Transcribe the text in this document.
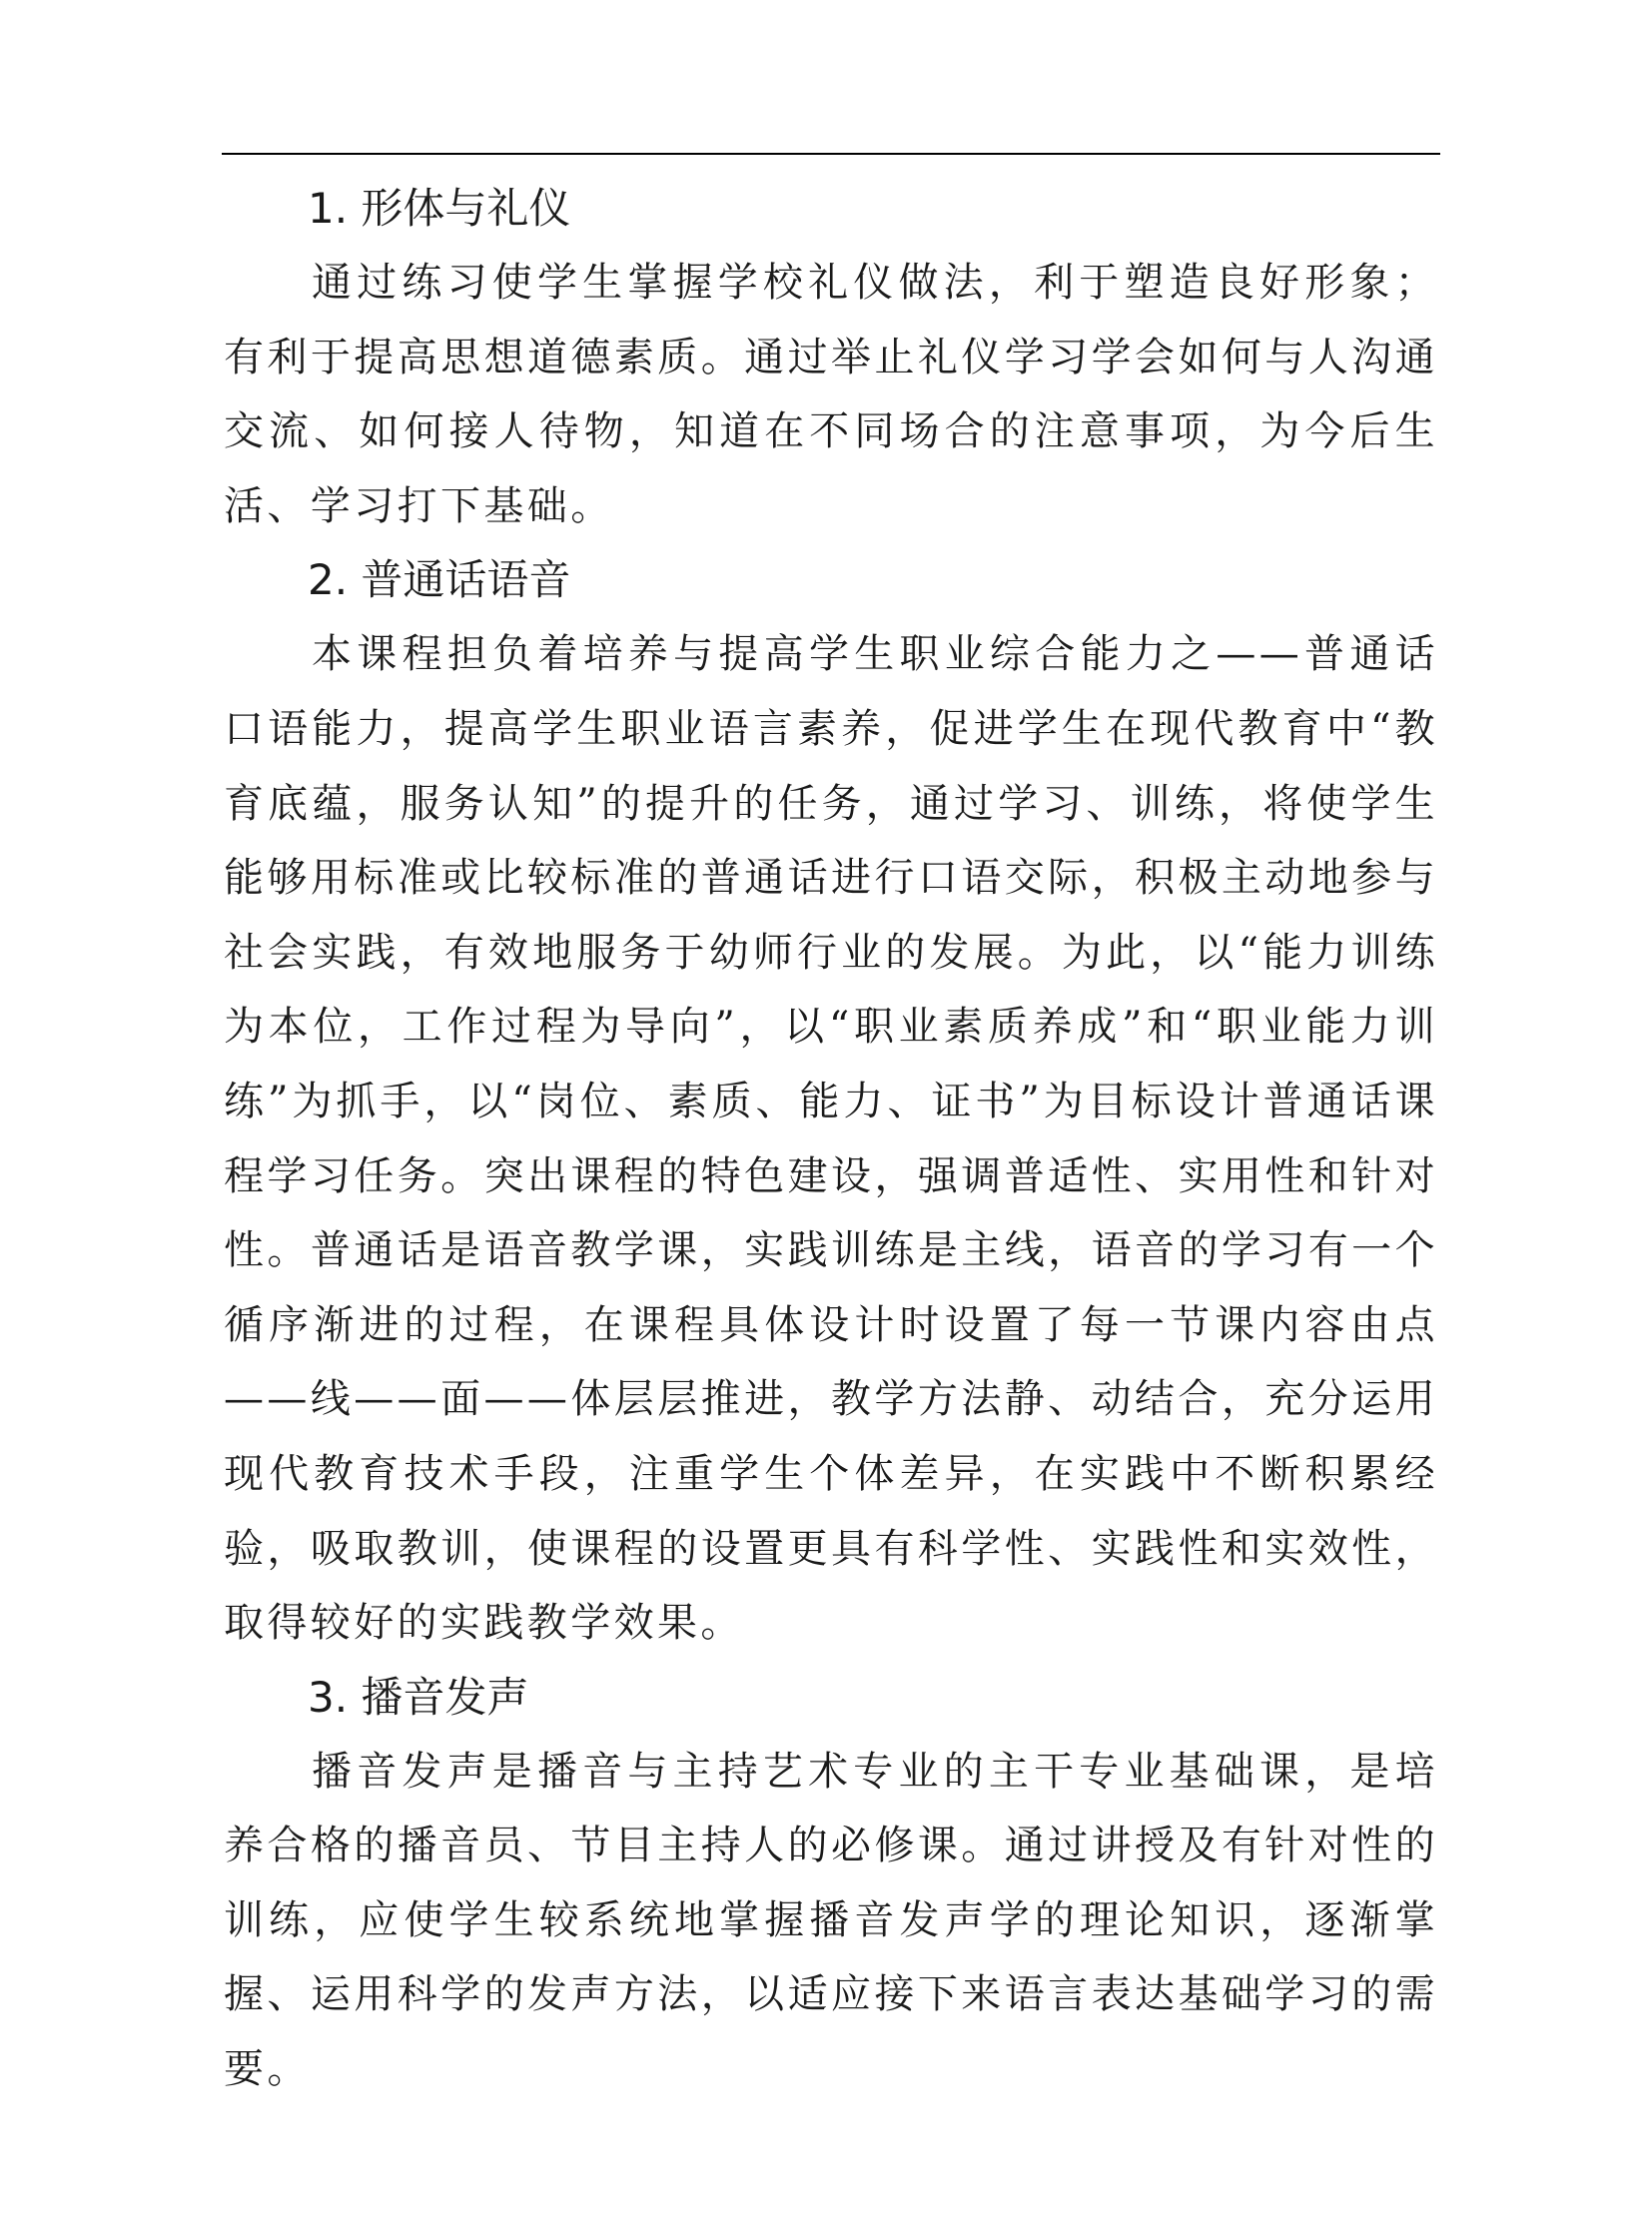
1. 形体与礼仪

通过练习使学生掌握学校礼仪做法，利于塑造良好形象；有利于提高思想道德素质。通过举止礼仪学习学会如何与人沟通交流、如何接人待物，知道在不同场合的注意事项，为今后生活、学习打下基础。

2. 普通话语音

本课程担负着培养与提高学生职业综合能力之——普通话口语能力，提高学生职业语言素养，促进学生在现代教育中“教育底蕴，服务认知”的提升的任务，通过学习、训练，将使学生能够用标准或比较标准的普通话进行口语交际，积极主动地参与社会实践，有效地服务于幼师行业的发展。为此，以“能力训练为本位，工作过程为导向”，以“职业素质养成”和“职业能力训练”为抓手，以“岗位、素质、能力、证书”为目标设计普通话课程学习任务。突出课程的特色建设，强调普适性、实用性和针对性。普通话是语音教学课，实践训练是主线，语音的学习有一个循序渐进的过程，在课程具体设计时设置了每一节课内容由点——线——面——体层层推进，教学方法静、动结合，充分运用现代教育技术手段，注重学生个体差异，在实践中不断积累经验，吸取教训，使课程的设置更具有科学性、实践性和实效性，取得较好的实践教学效果。

3. 播音发声

播音发声是播音与主持艺术专业的主干专业基础课，是培养合格的播音员、节目主持人的必修课。通过讲授及有针对性的训练，应使学生较系统地掌握播音发声学的理论知识，逐渐掌握、运用科学的发声方法，以适应接下来语言表达基础学习的需要。
